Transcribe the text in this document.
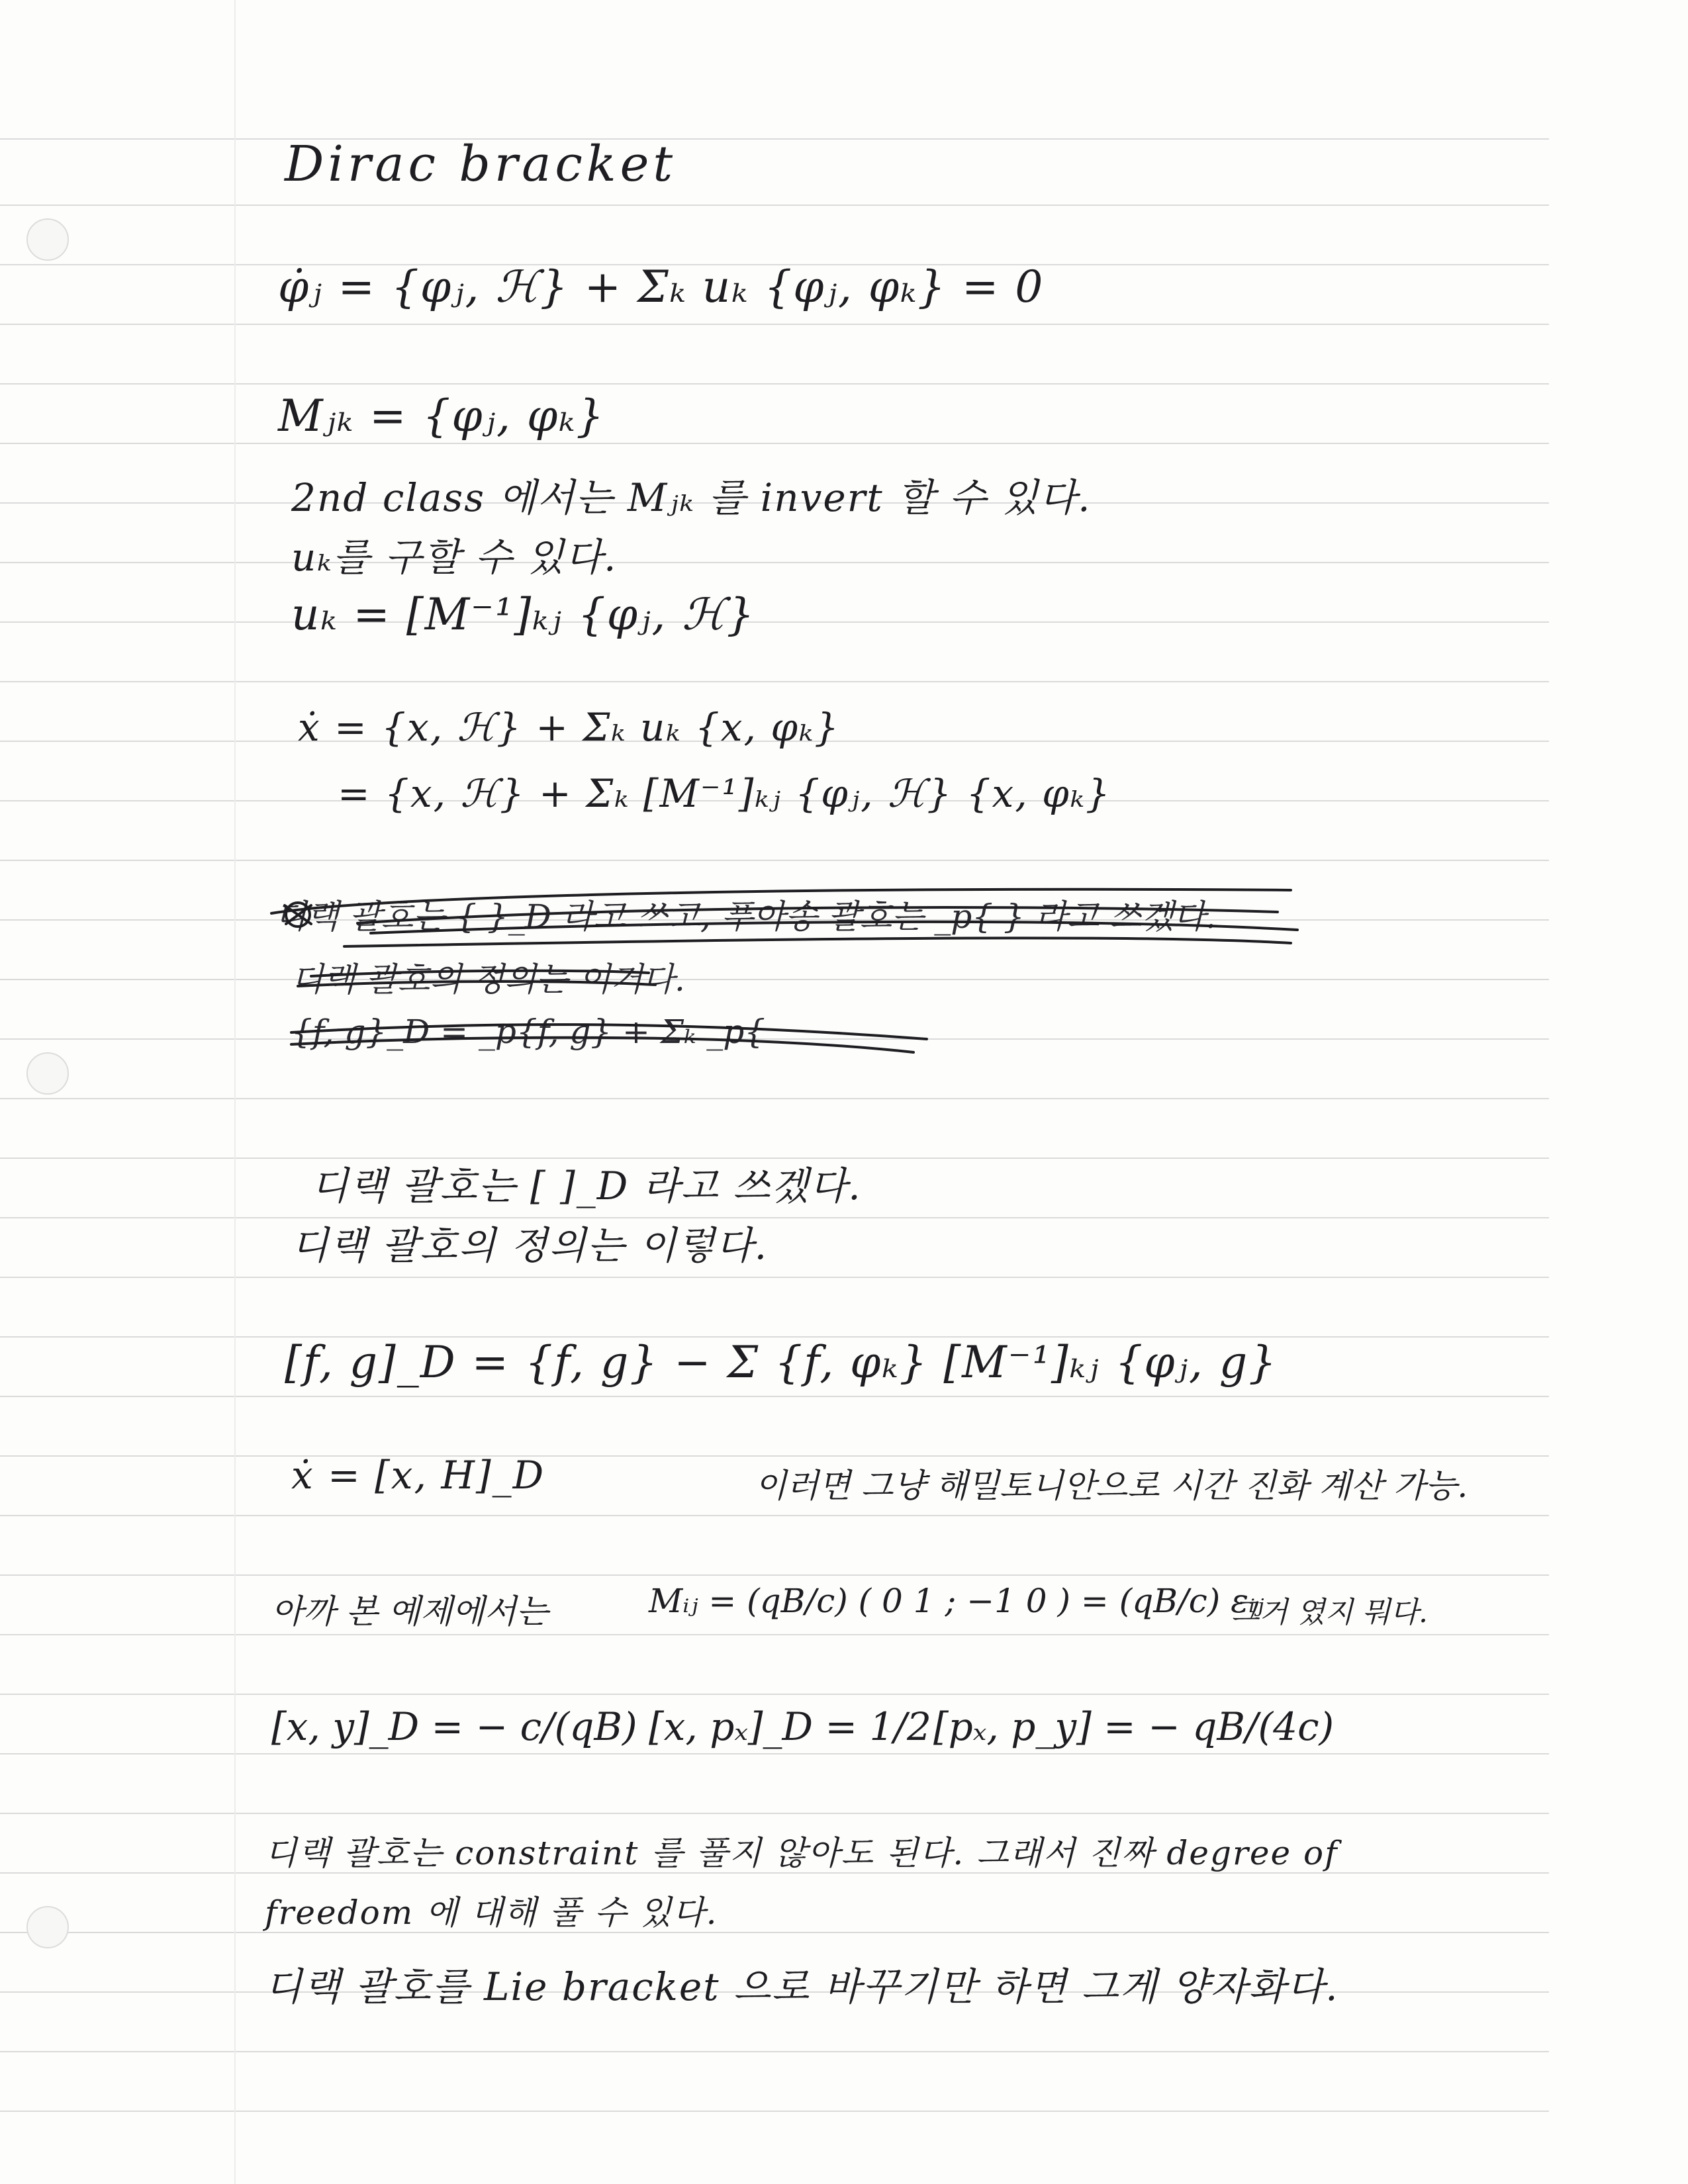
Dirac bracket
φ̇ⱼ = {φⱼ, ℋ} + Σₖ uₖ {φⱼ, φₖ} = 0
Mⱼₖ = {φⱼ, φₖ}
2nd class 에서는 Mⱼₖ 를 invert 할 수 있다.
uₖ를 구할 수 있다.
uₖ = [M⁻¹]ₖⱼ {φⱼ, ℋ}
ẋ = {x, ℋ} + Σₖ uₖ {x, φₖ}
= {x, ℋ} + Σₖ [M⁻¹]ₖⱼ {φⱼ, ℋ} {x, φₖ}
디랙 괄호는 { }_D 라고 쓰고, 푸아송 괄호는 _p{ } 라고 쓰겠다.
디랙 괄호의 정의는 이거다.
{f, g}_D = _p{f, g} + Σₖ _p{
디랙 괄호는 [ ]_D 라고 쓰겠다.
디랙 괄호의 정의는 이렇다.
[f, g]_D = {f, g} − Σ {f, φₖ} [M⁻¹]ₖⱼ {φⱼ, g}
ẋ = [x, H]_D	이러면 그냥 해밀토니안으로 시간 진화 계산 가능.
아까 본 예제에서는	Mᵢⱼ = (qB/c) ( 0 1 ; −1 0 ) = (qB/c) εᵢⱼ
그거 였지 뭐다.
[x, y]_D = − c/(qB) [x, pₓ]_D = 1/2 [pₓ, p_y] = − qB/(4c)
디랙 괄호는 constraint 를 풀지 않아도 된다. 그래서 진짜 degree of
freedom 에 대해 풀 수 있다.
디랙 괄호를 Lie bracket 으로 바꾸기만 하면 그게 양자화다.
